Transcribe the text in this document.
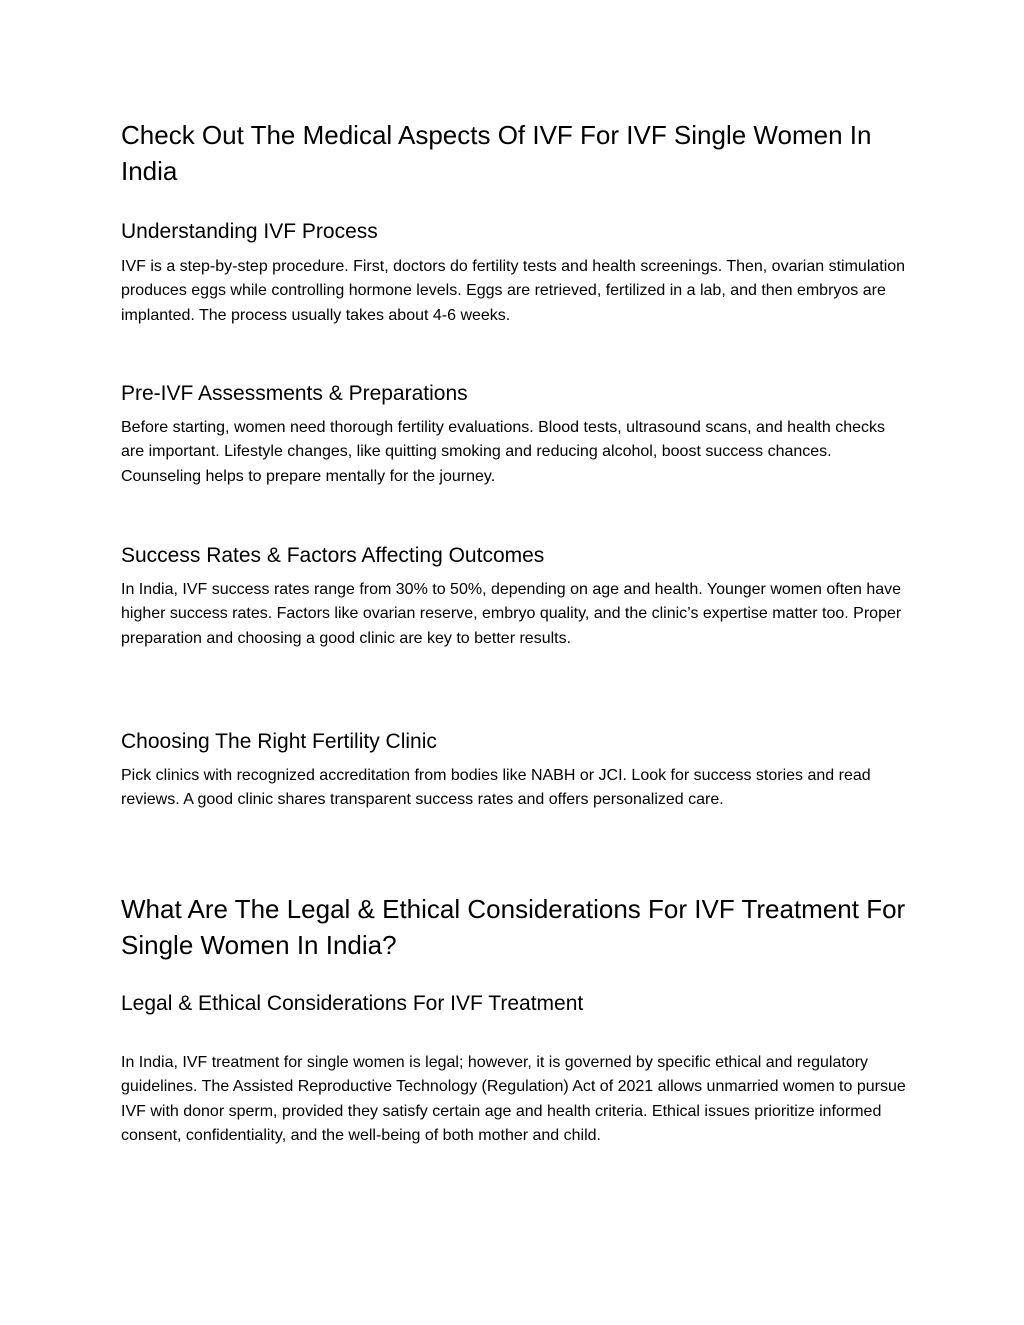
Check Out The Medical Aspects Of IVF For IVF Single Women In India
Understanding IVF Process

IVF is a step-by-step procedure. First, doctors do fertility tests and health screenings. Then, ovarian stimulation produces eggs while controlling hormone levels. Eggs are retrieved, fertilized in a lab, and then embryos are implanted. The process usually takes about 4-6 weeks.

Pre-IVF Assessments & Preparations

Before starting, women need thorough fertility evaluations. Blood tests, ultrasound scans, and health checks are important. Lifestyle changes, like quitting smoking and reducing alcohol, boost success chances. Counseling helps to prepare mentally for the journey.

Success Rates & Factors Affecting Outcomes

In India, IVF success rates range from 30% to 50%, depending on age and health. Younger women often have higher success rates. Factors like ovarian reserve, embryo quality, and the clinic’s expertise matter too. Proper preparation and choosing a good clinic are key to better results.

Choosing The Right Fertility Clinic

Pick clinics with recognized accreditation from bodies like NABH or JCI. Look for success stories and read reviews. A good clinic shares transparent success rates and offers personalized care.

What Are The Legal & Ethical Considerations For IVF Treatment For Single Women In India?
Legal & Ethical Considerations For IVF Treatment

In India, IVF treatment for single women is legal; however, it is governed by specific ethical and regulatory guidelines. The Assisted Reproductive Technology (Regulation) Act of 2021 allows unmarried women to pursue IVF with donor sperm, provided they satisfy certain age and health criteria. Ethical issues prioritize informed consent, confidentiality, and the well-being of both mother and child.
